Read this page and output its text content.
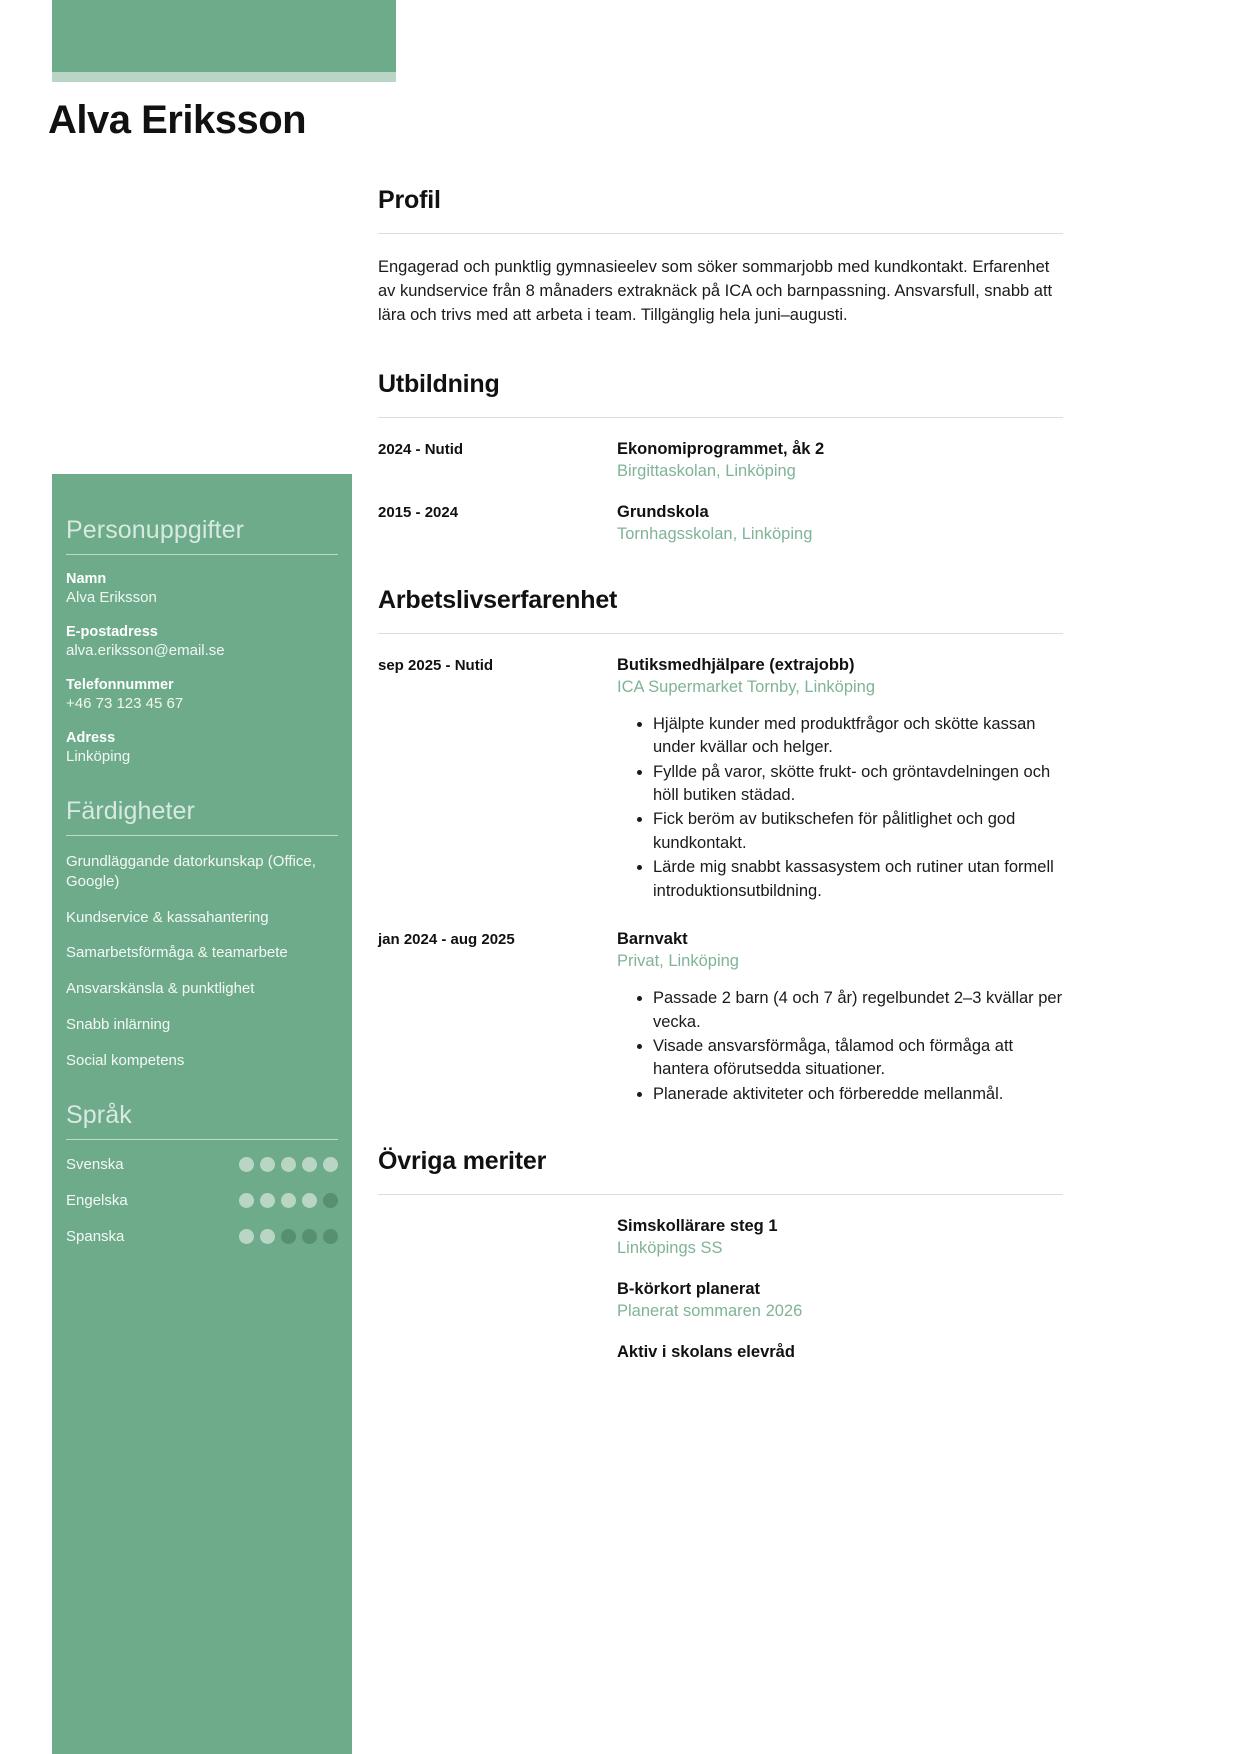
Alva Eriksson
Personuppgifter
Namn
Alva Eriksson
E-postadress
alva.eriksson@email.se
Telefonnummer
+46 73 123 45 67
Adress
Linköping
Färdigheter
Grundläggande datorkunskap (Office, Google)
Kundservice & kassahantering
Samarbetsförmåga & teamarbete
Ansvarskänsla & punktlighet
Snabb inlärning
Social kompetens
Språk
Svenska
Engelska
Spanska
Profil

Engagerad och punktlig gymnasieelev som söker sommarjobb med kundkontakt. Erfarenhet av kundservice från 8 månaders extraknäck på ICA och barnpassning. Ansvarsfull, snabb att lära och trivs med att arbeta i team. Tillgänglig hela juni–augusti.

Utbildning
2024 - Nutid	Ekonomiprogrammet, åk 2
Birgittaskolan, Linköping
2015 - 2024	Grundskola
Tornhagsskolan, Linköping
Arbetslivserfarenhet
sep 2025 - Nutid	Butiksmedhjälpare (extrajobb)
ICA Supermarket Tornby, Linköping
• Hjälpte kunder med produktfrågor och skötte kassan under kvällar och helger.
• Fyllde på varor, skötte frukt- och gröntavdelningen och höll butiken städad.
• Fick beröm av butikschefen för pålitlighet och god kundkontakt.
• Lärde mig snabbt kassasystem och rutiner utan formell introduktionsutbildning.
jan 2024 - aug 2025	Barnvakt
Privat, Linköping
• Passade 2 barn (4 och 7 år) regelbundet 2–3 kvällar per vecka.
• Visade ansvarsförmåga, tålamod och förmåga att hantera oförutsedda situationer.
• Planerade aktiviteter och förberedde mellanmål.
Övriga meriter
Simskollärare steg 1
Linköpings SS
B-körkort planerat
Planerat sommaren 2026
Aktiv i skolans elevråd
